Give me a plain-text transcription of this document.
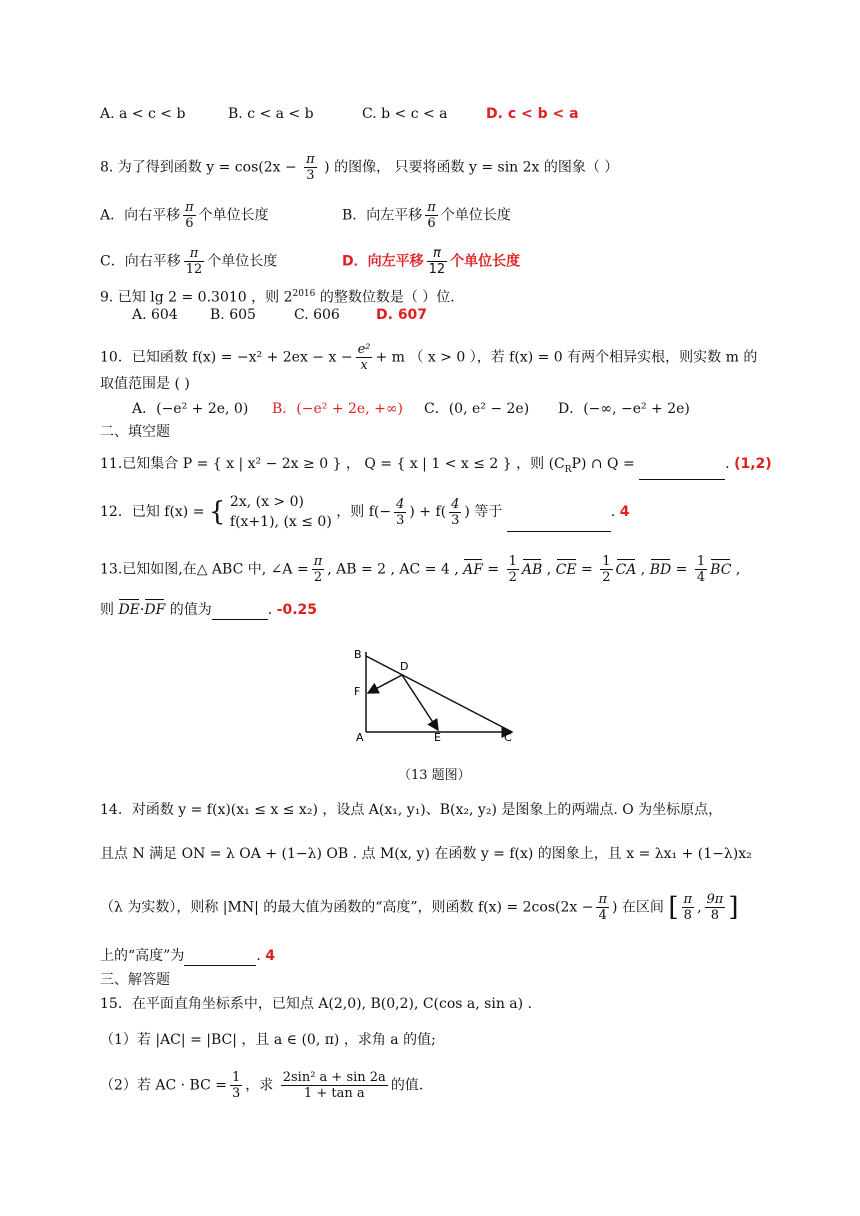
A. a < c < b	B. c < a < b	C. b < c < a	D. c < b < a
8. 为了得到函数 $y = \cos(2x - \frac{\pi}{3}$ ) 的图像， 只要将函数 y = sin 2x 的图象（ ）
A．向右平移 $\frac{\pi}{6}$ 个单位长度	B．向左平移 $\frac{\pi}{6}$ 个单位长度
C．向右平移 $\frac{\pi}{12}$ 个单位长度	D．向左平移 $\frac{\pi}{12}$ 个单位长度
9. 已知 lg 2 = 0.3010 ，则 $2^{2016}$ 的整数位数是（ ）位.
A. 604 B. 605	C. 606	D. 607
10．已知函数 $f(x) = -x^2 + 2ex - x - \frac{\text{e²}}{x} + m$ （ x > 0 ），若 f(x) = 0 有两个相异实根，则实数 m 的
取值范围是 ( )
A．(−e² + 2e, 0) B．(−e² + 2e, +∞) C．(0, e² − 2e) D．(−∞, −e² + 2e)
二、填空题
11.已知集合 P = { x | x² − 2x ≥ 0 } ， Q = { x | 1 < x ≤ 2 } ，则 $(C_RP)$ ∩ Q =	. (1,2)
12．已知 f(x) = { 2x, (x > 0)
f(x+1), (x ≤ 0)
，则 $f(- \frac{4}{3}$ ) + $f( \frac{4}{3}$ ) 等于	. 4
13.已知如图,在△ ABC 中, ∠A = $\frac{\pi}{2}$ , AB = 2 , AC = 4 , AF = $\frac{1}{2}$ AB , CE = $\frac{1}{2}$ CA , BD = $\frac{1}{4}$ BC ,
则 DE·DF 的值为	. -0.25
B
D
F
A	E	C
（13 题图）
14．对函数 y = f(x)(x₁ ≤ x ≤ x₂) ，设点 A(x₁, y₁)、B(x₂, y₂) 是图象上的两端点. O 为坐标原点，
且点 N 满足 ON = λ OA + (1−λ) OB . 点 M(x, y) 在函数 y = f(x) 的图象上，且 x = λx₁ + (1−λ)x₂
（λ 为实数），则称 |MN| 的最大值为函数的“高度”，则函数 $f(x) = 2\cos(2x - \frac{\pi}{4}$ ) 在区间 [ $\frac{\pi}{8}$ , $\frac{9\pi}{8}$ ]
上的“高度”为	. 4
三、解答题
15．在平面直角坐标系中，已知点 A(2,0), B(0,2), C(cos a, sin a) .
（1）若 |AC| = |BC| ，且 a ∈ (0, π) ，求角 a 的值;
（2）若 AC · BC = $\frac{1}{3}$ ，求 $\frac{\text{2sin² a + sin 2a}}{\text{1 + tan a}}$ 的值.
